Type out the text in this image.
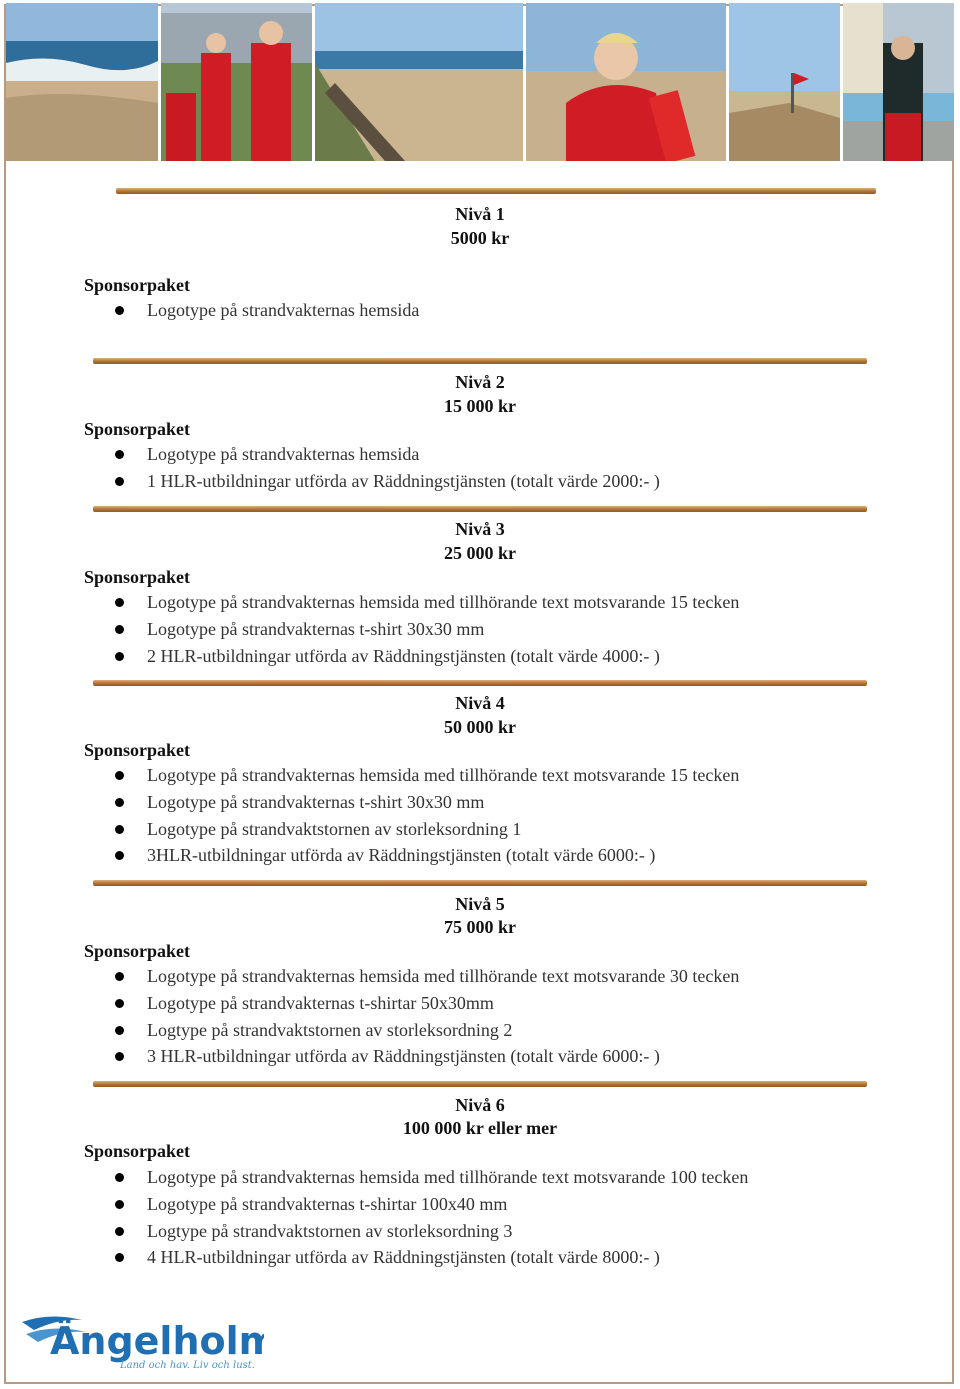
Nivå 1
5000 kr
Sponsorpaket
Logotype på strandvakternas hemsida
Nivå 2
15 000 kr
Sponsorpaket
Logotype på strandvakternas hemsida
1 HLR-utbildningar utförda av Räddningstjänsten (totalt värde 2000:- )
Nivå 3
25 000 kr
Sponsorpaket
Logotype på strandvakternas hemsida med tillhörande text motsvarande 15 tecken
Logotype på strandvakternas t-shirt 30x30 mm
2 HLR-utbildningar utförda av Räddningstjänsten (totalt värde 4000:- )
Nivå 4
50 000 kr
Sponsorpaket
Logotype på strandvakternas hemsida med tillhörande text motsvarande 15 tecken
Logotype på strandvakternas t-shirt 30x30 mm
Logotype på strandvaktstornen av storleksordning 1
3HLR-utbildningar utförda av Räddningstjänsten (totalt värde 6000:- )
Nivå 5
75 000 kr
Sponsorpaket
Logotype på strandvakternas hemsida med tillhörande text motsvarande 30 tecken
Logotype på strandvakternas t-shirtar 50x30mm
Logtype på strandvaktstornen av storleksordning 2
3 HLR-utbildningar utförda av Räddningstjänsten (totalt värde 6000:- )
Nivå 6
100 000 kr eller mer
Sponsorpaket
Logotype på strandvakternas hemsida med tillhörande text motsvarande 100 tecken
Logotype på strandvakternas t-shirtar 100x40 mm
Logtype på strandvaktstornen av storleksordning 3
4 HLR-utbildningar utförda av Räddningstjänsten (totalt värde 8000:- )
Ängelholm
Land och hav. Liv och lust.
